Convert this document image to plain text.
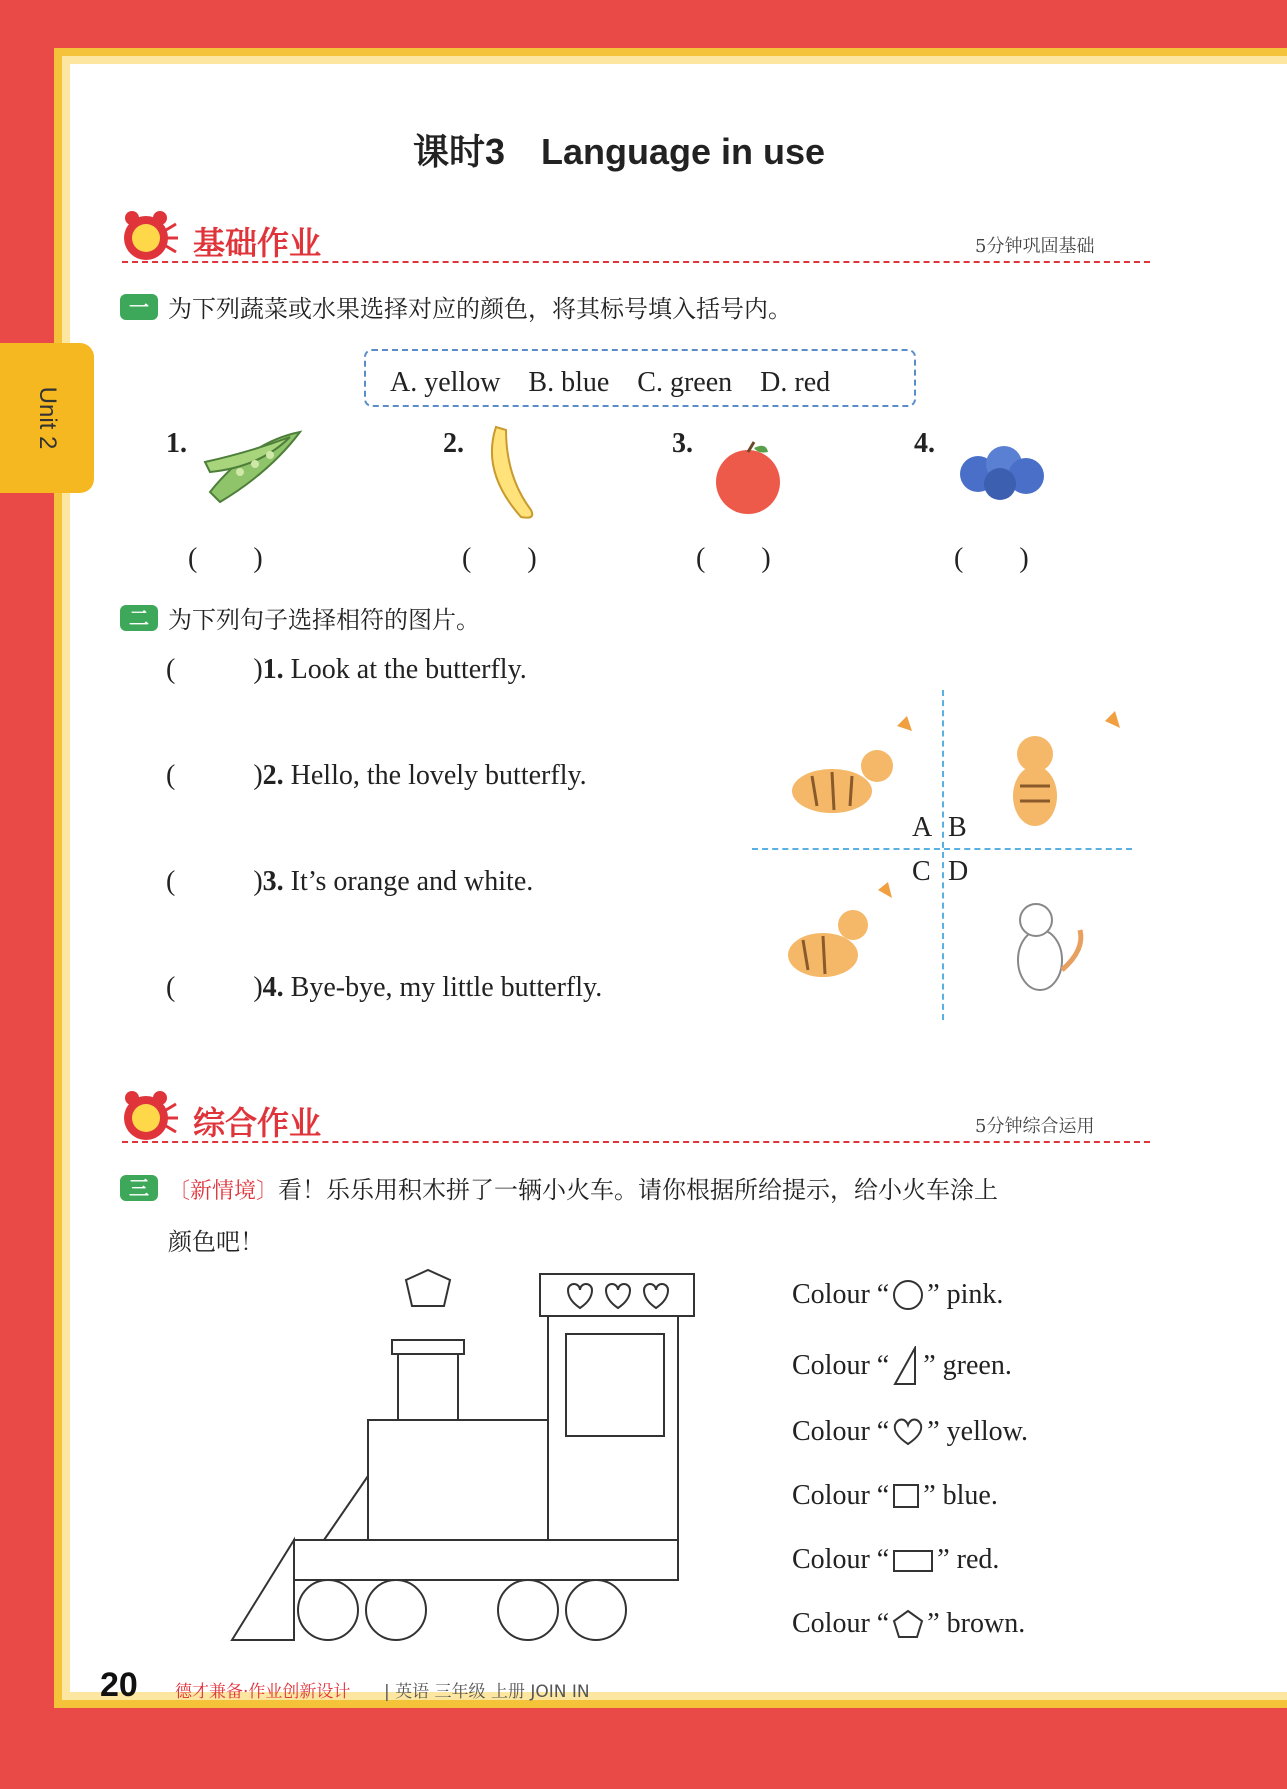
Unit 2
课时3　Language in use
基础作业	5分钟巩固基础
一 为下列蔬菜或水果选择对应的颜色，将其标号填入括号内。
A. yellow　B. blue　C. green　D. red
1.
(　　)
2.
(　　)
3.
(　　)
4.
(　　)
二 为下列句子选择相符的图片。
(	)1. Look at the butterfly.
(	)2. Hello, the lovely butterfly.
(	)3. It’s orange and white.
(	)4. Bye-bye, my little butterfly.
A B
C D
综合作业	5分钟综合运用
三 〔新情境〕看！乐乐用积木拼了一辆小火车。请你根据所给提示，给小火车涂上
颜色吧！
Colour “ ” pink.
Colour “ ” green.
Colour “ ” yellow.
Colour “ ” blue.
Colour “ ” red.
Colour “ ” brown.
20 德才兼备·作业创新设计 | 英语 三年级 上册 JOIN IN
